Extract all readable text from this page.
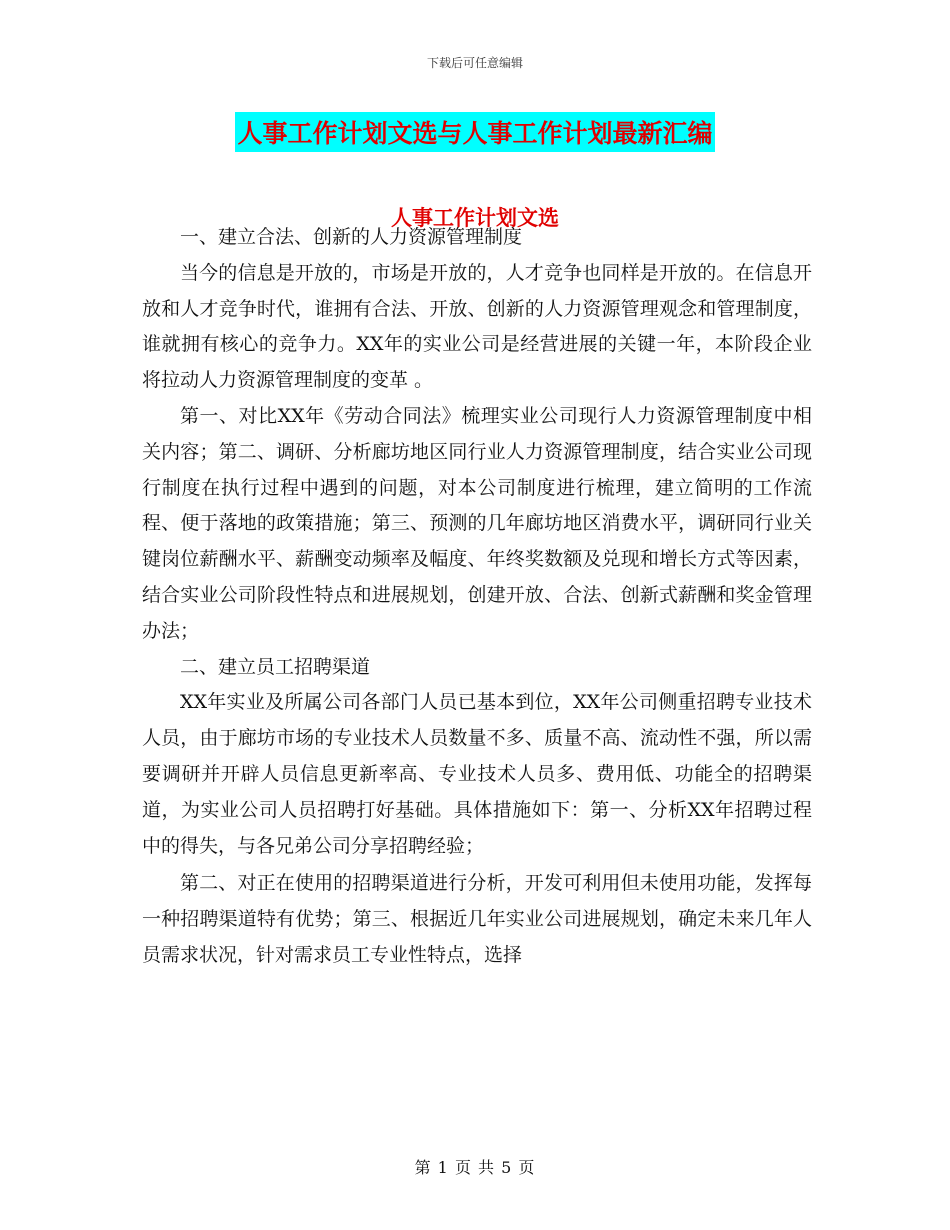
下载后可任意编辑
人事工作计划文选与人事工作计划最新汇编
人事工作计划文选

一、建立合法、创新的人力资源管理制度

当今的信息是开放的，市场是开放的，人才竞争也同样是开放的。在信息开放和人才竞争时代，谁拥有合法、开放、创新的人力资源管理观念和管理制度，谁就拥有核心的竞争力。XX年的实业公司是经营进展的关键一年，本阶段企业将拉动人力资源管理制度的变革 。

第一、对比XX年《劳动合同法》梳理实业公司现行人力资源管理制度中相关内容；第二、调研、分析廊坊地区同行业人力资源管理制度，结合实业公司现行制度在执行过程中遇到的问题，对本公司制度进行梳理，建立简明的工作流程、便于落地的政策措施；第三、预测的几年廊坊地区消费水平，调研同行业关键岗位薪酬水平、薪酬变动频率及幅度、年终奖数额及兑现和增长方式等因素，结合实业公司阶段性特点和进展规划，创建开放、合法、创新式薪酬和奖金管理办法；

二、建立员工招聘渠道

XX年实业及所属公司各部门人员已基本到位，XX年公司侧重招聘专业技术人员，由于廊坊市场的专业技术人员数量不多、质量不高、流动性不强，所以需要调研并开辟人员信息更新率高、专业技术人员多、费用低、功能全的招聘渠道，为实业公司人员招聘打好基础。具体措施如下：第一、分析XX年招聘过程中的得失，与各兄弟公司分享招聘经验；

第二、对正在使用的招聘渠道进行分析，开发可利用但未使用功能，发挥每一种招聘渠道特有优势；第三、根据近几年实业公司进展规划，确定未来几年人员需求状况，针对需求员工专业性特点，选择

第 1 页 共 5 页
